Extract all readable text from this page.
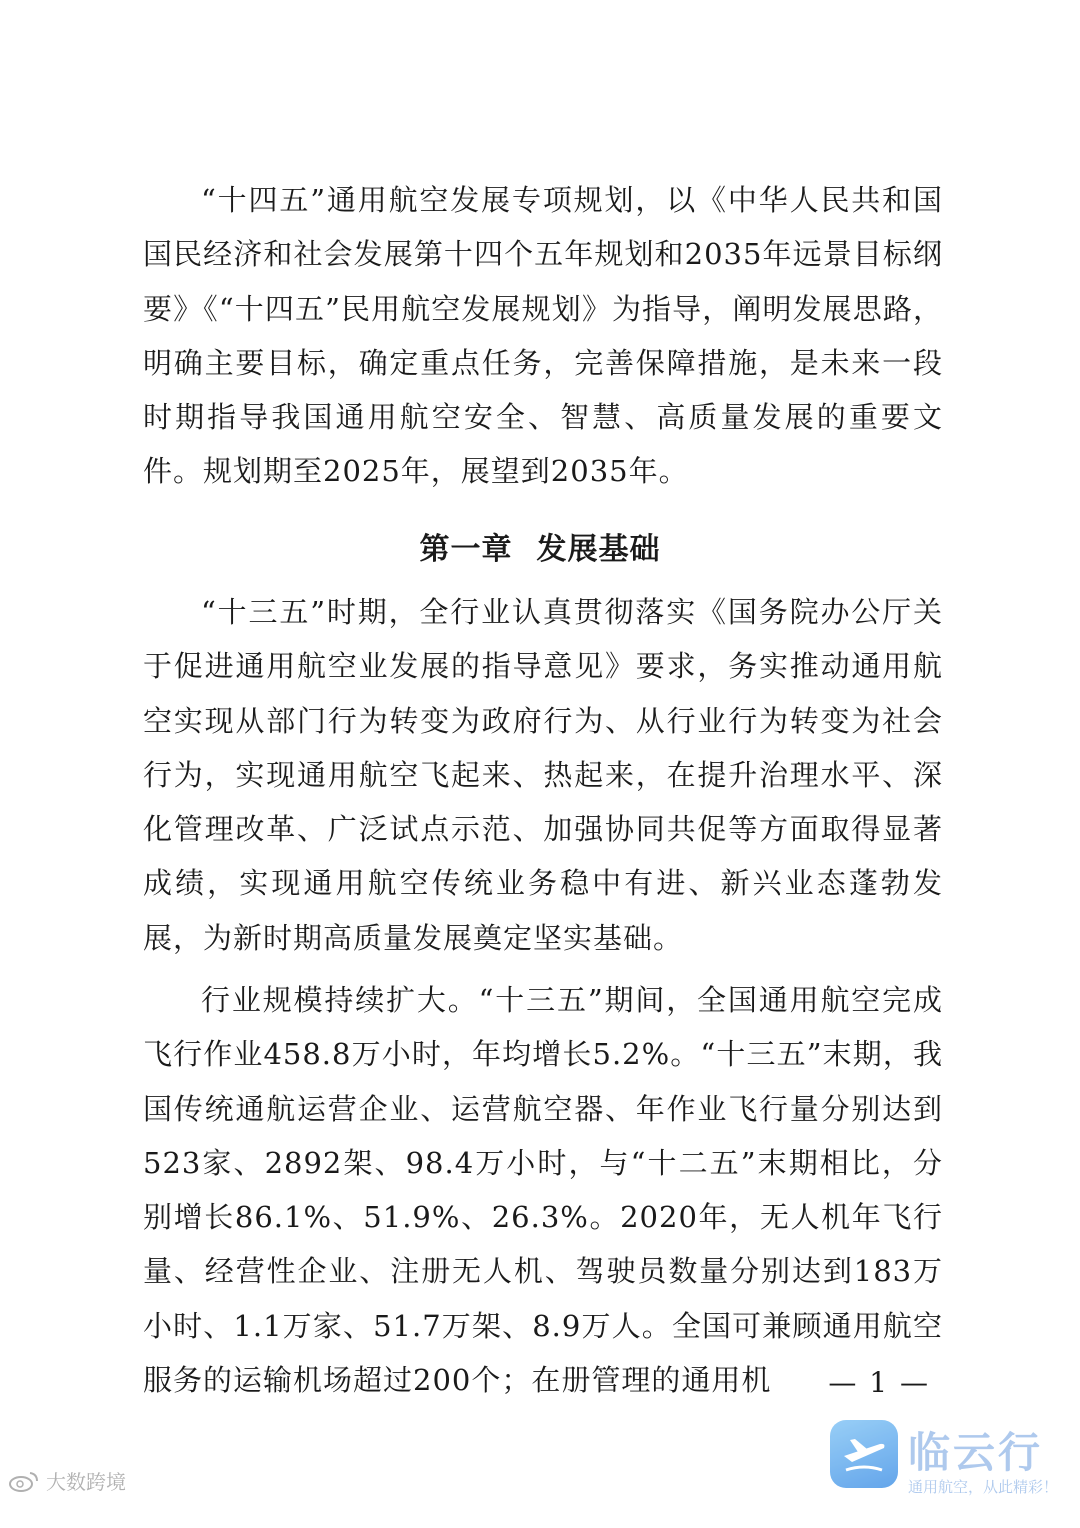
“十四五”通用航空发展专项规划，以《中华人民共和国国民经济和社会发展第十四个五年规划和2035年远景目标纲要》《“十四五”民用航空发展规划》为指导，阐明发展思路，明确主要目标，确定重点任务，完善保障措施，是未来一段时期指导我国通用航空安全、智慧、高质量发展的重要文件。规划期至2025年，展望到2035年。

第一章 发展基础

“十三五”时期，全行业认真贯彻落实《国务院办公厅关于促进通用航空业发展的指导意见》要求，务实推动通用航空实现从部门行为转变为政府行为、从行业行为转变为社会行为，实现通用航空飞起来、热起来，在提升治理水平、深化管理改革、广泛试点示范、加强协同共促等方面取得显著成绩，实现通用航空传统业务稳中有进、新兴业态蓬勃发展，为新时期高质量发展奠定坚实基础。

行业规模持续扩大。“十三五”期间，全国通用航空完成飞行作业458.8万小时，年均增长5.2%。“十三五”末期，我国传统通航运营企业、运营航空器、年作业飞行量分别达到523家、2892架、98.4万小时，与“十二五”末期相比，分别增长86.1%、51.9%、26.3%。2020年，无人机年飞行量、经营性企业、注册无人机、驾驶员数量分别达到183万小时、1.1万家、51.7万架、8.9万人。全国可兼顾通用航空服务的运输机场超过200个；在册管理的通用机	— 1 —
大数跨境
临云行
通用航空，从此精彩！
